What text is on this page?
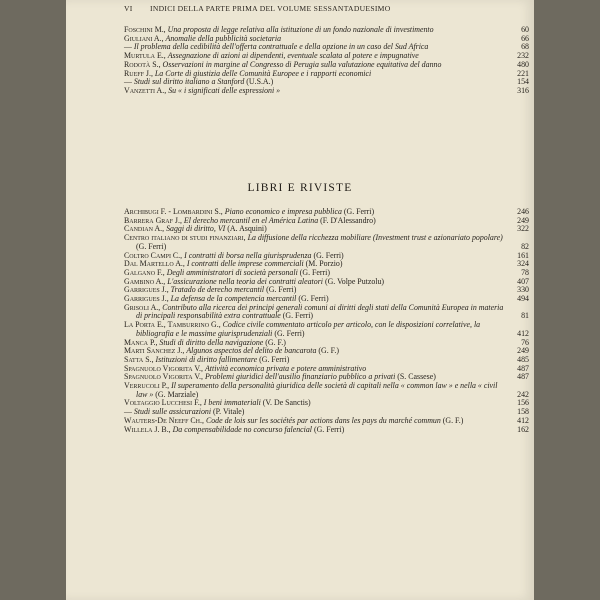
VI INDICI DELLA PARTE PRIMA DEL VOLUME SESSANTADUESIMO
Foschini M., Una proposta di legge relativa alla istituzione di un fondo nazionale di investimento	60
Giuliani A., Anomalie della pubblicità societaria	66
— Il problema della cedibilità dell'offerta contrattuale e della opzione in un caso del Sud Africa	68
Murtula E., Assegnazione di azioni ai dipendenti, eventuale scalata al potere e impugnative	232
Rodotà S., Osservazioni in margine al Congresso di Perugia sulla valutazione equitativa del danno	480
Rueff J., La Corte di giustizia delle Comunità Europee e i rapporti economici	221
— Studi sul diritto italiano a Stanford (U.S.A.)	154
Vanzetti A., Su « i significati delle espressioni »	316
LIBRI E RIVISTE
Archibugi F. - Lombardini S., Piano economico e impresa pubblica (G. Ferri)	246
Barrera Graf J., El derecho mercantil en el América Latina (F. D'Alessandro)	249
Candian A., Saggi di diritto, VI (A. Asquini)	322
Centro italiano di studi finanziari, La diffusione della ricchezza mobiliare (Investment trust e azionariato popolare) (G. Ferri)	82
Coltro Campi C., I contratti di borsa nella giurisprudenza (G. Ferri)	161
Dal Martello A., I contratti delle imprese commerciali (M. Porzio)	324
Galgano F., Degli amministratori di società personali (G. Ferri)	78
Gambino A., L'assicurazione nella teoria dei contratti aleatori (G. Volpe Putzolu)	407
Garrigues J., Tratado de derecho mercantil (G. Ferri)	330
Garrigues J., La defensa de la competencia mercantil (G. Ferri)	494
Grisoli A., Contributo alla ricerca dei principi generali comuni ai diritti degli stati della Comunità Europea in materia di principali responsabilità extra contrattuale (G. Ferri)	81
La Porta E., Tamburrino G., Codice civile commentato articolo per articolo, con le disposizioni correlative, la bibliografia e le massime giurisprudenziali (G. Ferri)	412
Manca P., Studi di diritto della navigazione (G. F.)	76
Marti Sanchez J., Algunos aspectos del delito de bancarota (G. F.)	249
Satta S., Istituzioni di diritto fallimentare (G. Ferri)	485
Spagnuolo Vigorita V., Attività economica privata e potere amministrativo	487
Spagnuolo Vigorita V., Problemi giuridici dell'ausilio finanziario pubblico a privati (S. Cassese)	487
Verrucoli P., Il superamento della personalità giuridica delle società di capitali nella « common law » e nella « civil law » (G. Marziale)	242
Voltaggio Lucchesi F., I beni immateriali (V. De Sanctis)	156
— Studi sulle assicurazioni (P. Vitale)	158
Wauters-De Neeff Ch., Code de lois sur les sociétés par actions dans les pays du marché commun (G. F.)	412
Willela J. B., Da compensabilidade no concurso falencial (G. Ferri)	162
